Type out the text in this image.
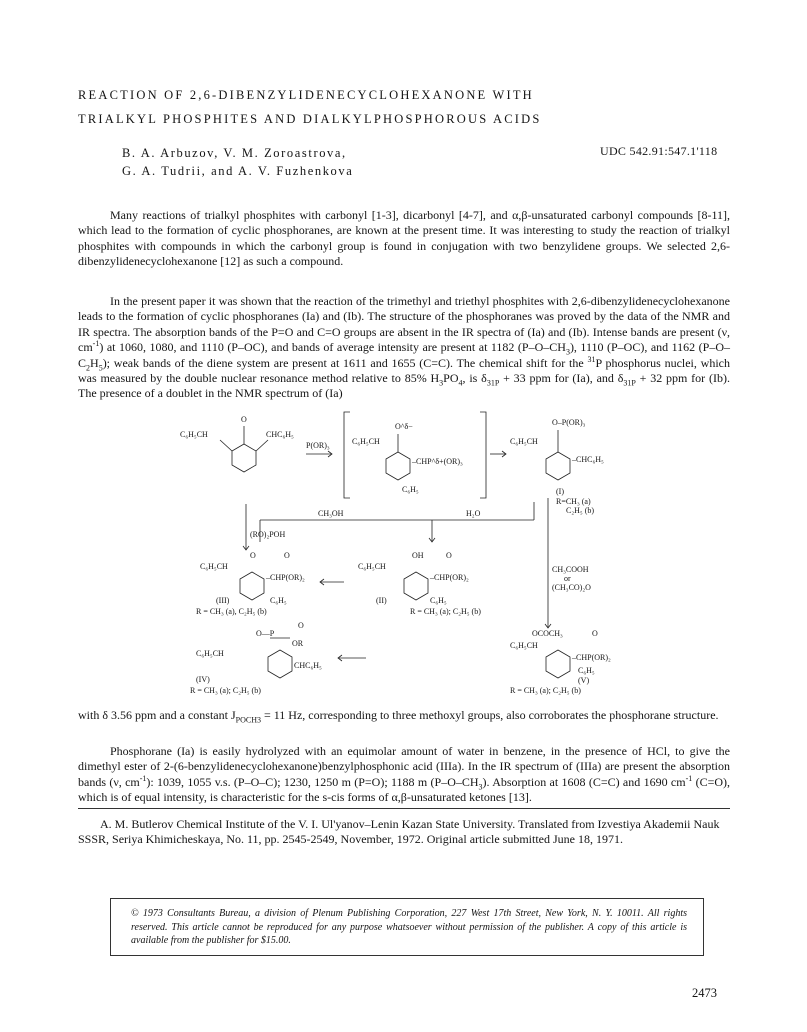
REACTION OF 2,6-DIBENZYLIDENECYCLOHEXANONE WITH
TRIALKYL PHOSPHITES AND DIALKYLPHOSPHOROUS ACIDS
B. A. Arbuzov, V. M. Zoroastrova,
G. A. Tudrii, and A. V. Fuzhenkova
UDC 542.91:547.1'118

Many reactions of trialkyl phosphites with carbonyl [1-3], dicarbonyl [4-7], and α,β-unsaturated carbonyl compounds [8-11], which lead to the formation of cyclic phosphoranes, are known at the present time. It was interesting to study the reaction of trialkyl phosphites with compounds in which the carbonyl group is found in conjugation with two benzylidene groups. We selected 2,6-dibenzylidenecyclohexanone [12] as such a compound.

In the present paper it was shown that the reaction of the trimethyl and triethyl phosphites with 2,6-dibenzylidenecyclohexanone leads to the formation of cyclic phosphoranes (Ia) and (Ib). The structure of the phosphoranes was proved by the data of the NMR and IR spectra. The absorption bands of the P=O and C=O groups are absent in the IR spectra of (Ia) and (Ib). Intense bands are present (ν, $cm^{-1}$) at 1060, 1080, and 1110 (P–OC), and bands of average intensity are present at 1182 $(P-O-CH_3)$, 1110 (P–OC), and 1162 $(P-O-C_2H_5)$; weak bands of the diene system are present at 1611 and 1655 (C=C). The chemical shift for the $^{31}$P phosphorus nuclei, which was measured by the double nuclear resonance method relative to 85% $H_3PO_4$, is $\delta_{31P} + 33$ ppm for (Ia), and $\delta_{31P} + 32$ ppm for (Ib). The presence of a doublet in the NMR spectrum of (Ia)

O
C₆H₅CH	CHC₆H₅
P(OR)₃
O^δ−
C₆H₅CH
–CHP^δ+(OR)₃
C₆H₅
O–P(OR)₃
C₆H₅CH
–CHC₆H₅
(I)
R=CH₃ (a)
C₂H₅ (b)
CH₃OH	H₂O
(RO)₂POH
O	O
C₆H₅CH
–CHP(OR)₂
(III)	C₆H₅
R = CH₃ (a), C₂H₅ (b)
OH	O
C₆H₅CH
–CHP(OR)₂
(II)	C₆H₅
R = CH₃ (a); C₂H₅ (b)
CH₃COOH
or
(CH₃CO)₂O
O
O—P
OR
C₆H₅CH
CHC₆H₅
(IV)
R = CH₃ (a); C₂H₅ (b)
OCOCH₃	O
C₆H₅CH
–CHP(OR)₂
C₆H₅
(V)
R = CH₃ (a); C₂H₅ (b)

with δ 3.56 ppm and a constant $J_{POCH3} = 11$ Hz, corresponding to three methoxyl groups, also corroborates the phosphorane structure.

Phosphorane (Ia) is easily hydrolyzed with an equimolar amount of water in benzene, in the presence of HCl, to give the dimethyl ester of 2-(6-benzylidenecyclohexanone)benzylphosphonic acid (IIIa). In the IR spectrum of (IIIa) are present the absorption bands (ν, $cm^{-1}$): 1039, 1055 v.s. (P–O–C); 1230, 1250 m (P=O); 1188 m $(P-O-CH_3)$. Absorption at 1608 (C=C) and 1690 $cm^{-1}$ (C=O), which is of equal intensity, is characteristic for the s-cis forms of α,β-unsaturated ketones [13].

A. M. Butlerov Chemical Institute of the V. I. Ul'yanov–Lenin Kazan State University. Translated from Izvestiya Akademii Nauk SSSR, Seriya Khimicheskaya, No. 11, pp. 2545-2549, November, 1972. Original article submitted June 18, 1971.

© 1973 Consultants Bureau, a division of Plenum Publishing Corporation, 227 West 17th Street, New York, N. Y. 10011. All rights reserved. This article cannot be reproduced for any purpose whatsoever without permission of the publisher. A copy of this article is available from the publisher for $15.00.
2473
